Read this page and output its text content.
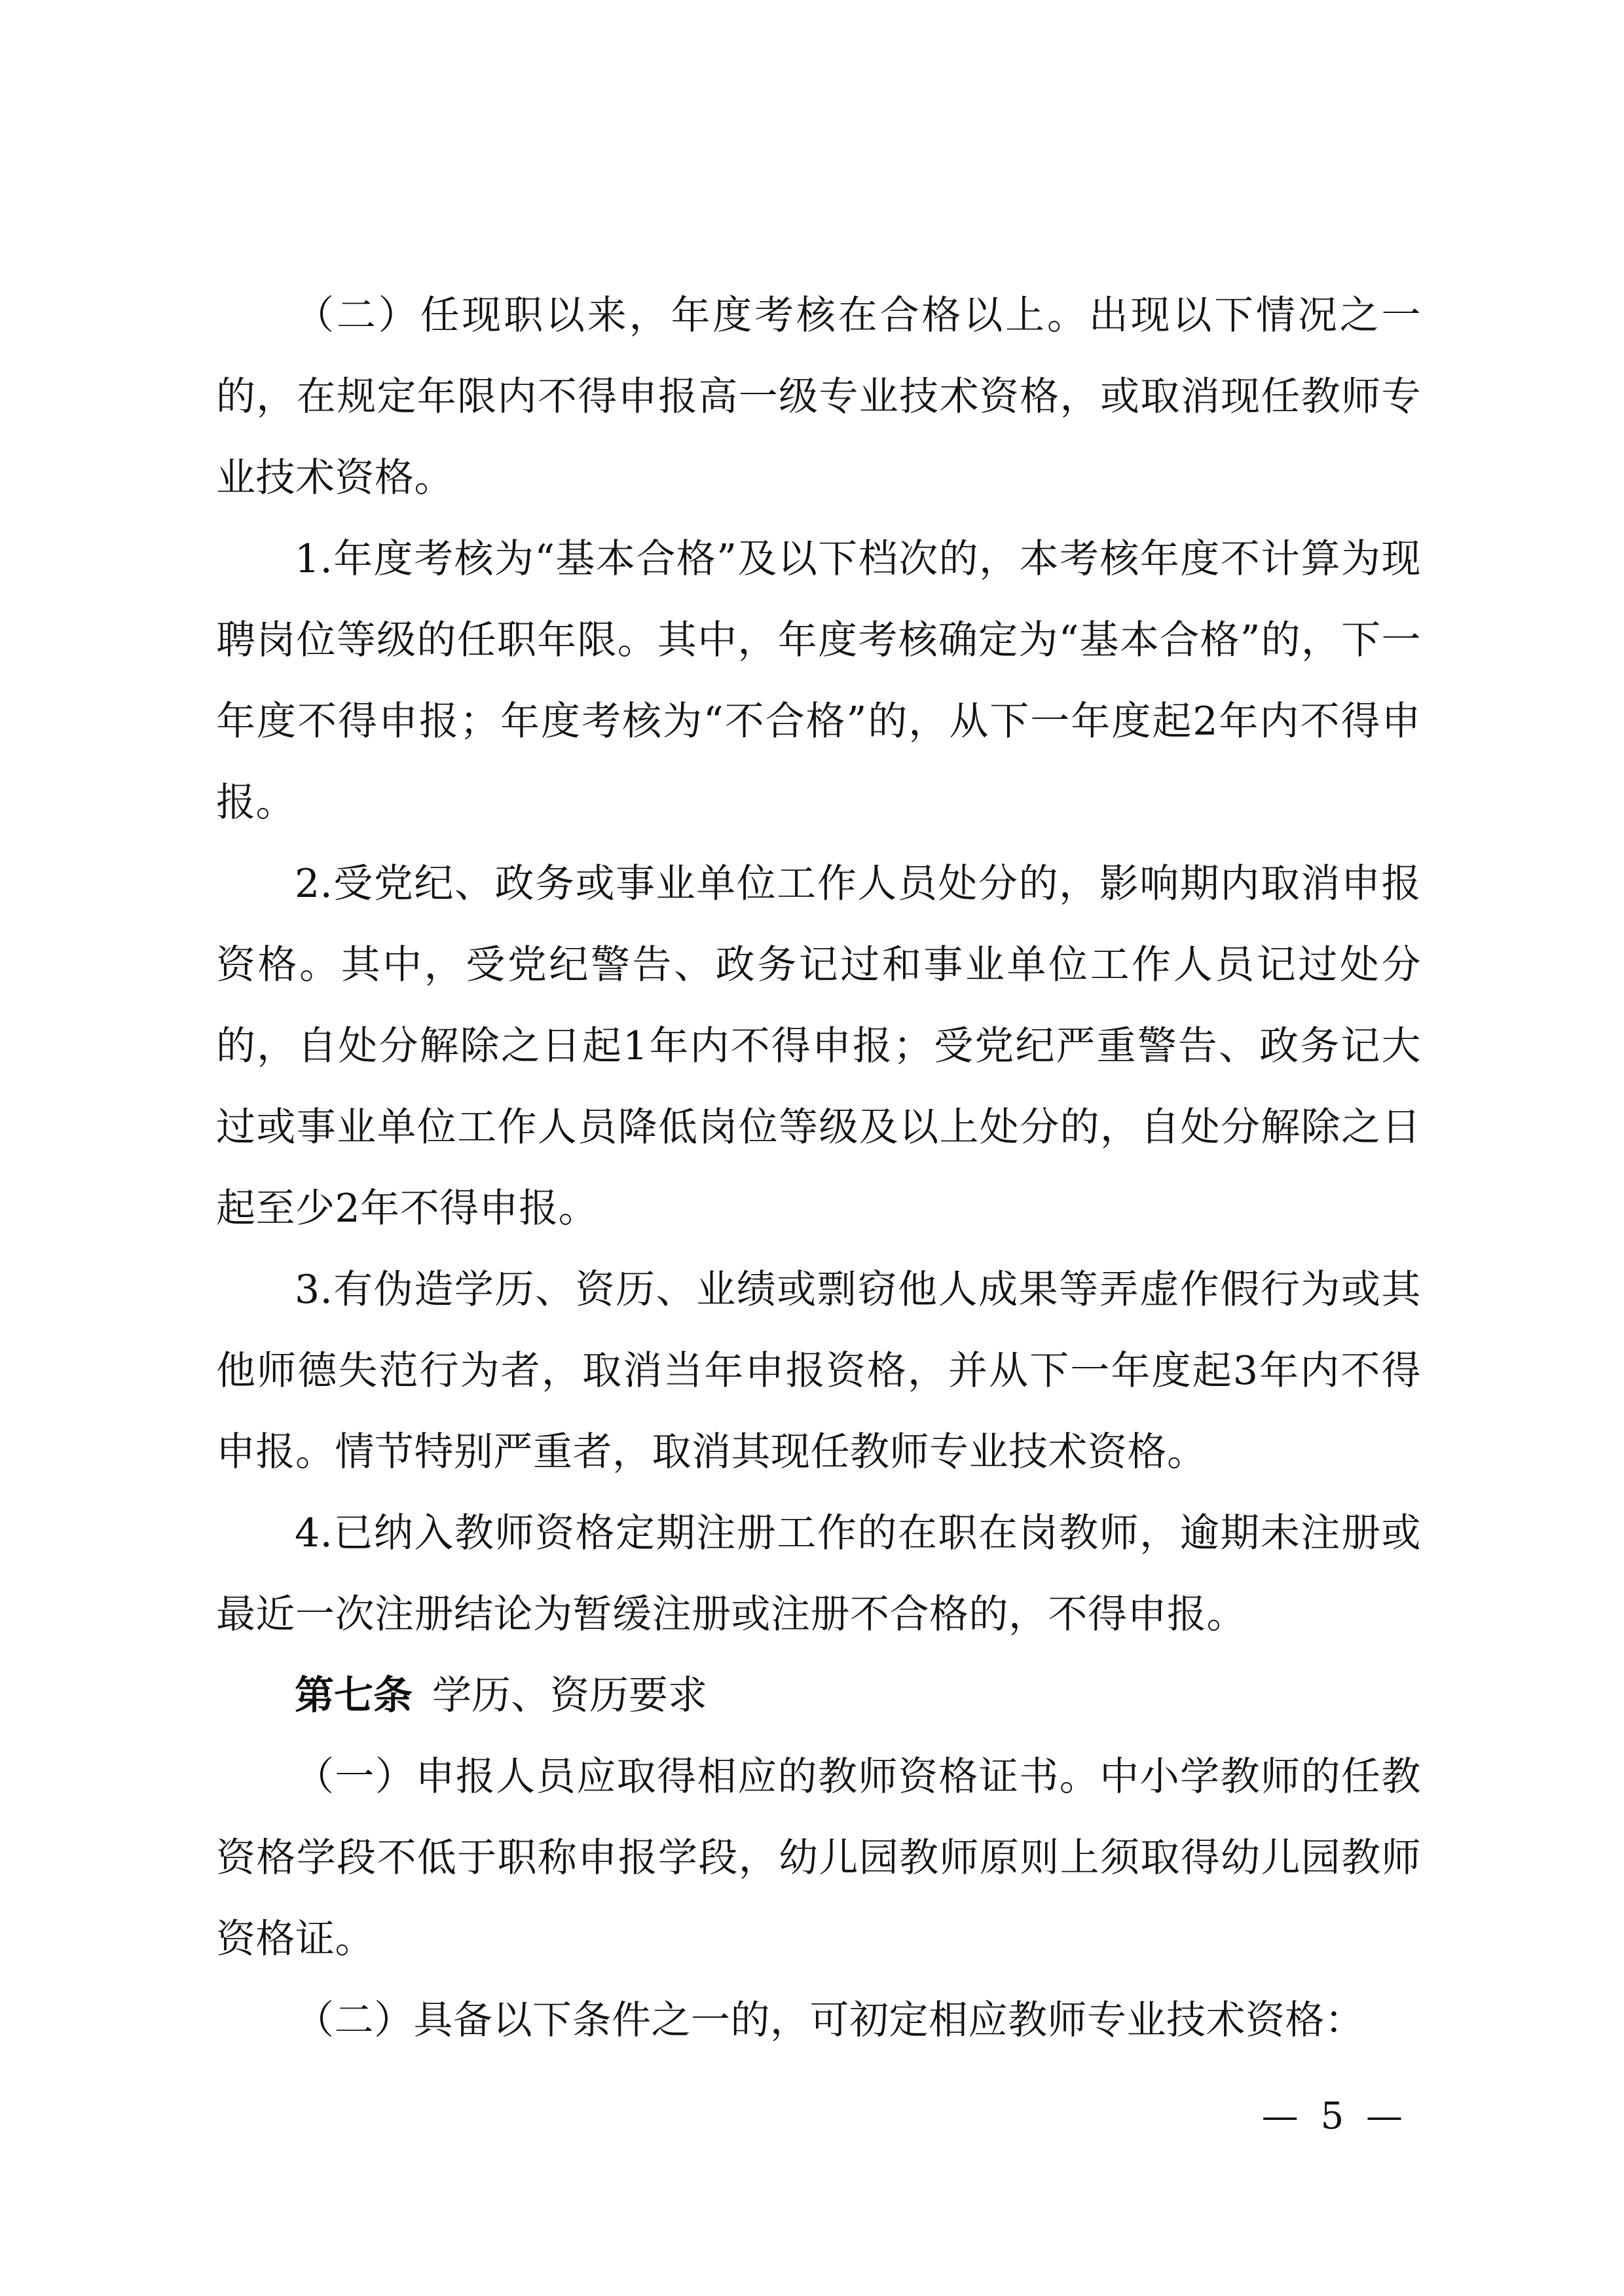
（二）任现职以来，年度考核在合格以上。出现以下情况之一的，在规定年限内不得申报高一级专业技术资格，或取消现任教师专业技术资格。

1.年度考核为“基本合格”及以下档次的，本考核年度不计算为现聘岗位等级的任职年限。其中，年度考核确定为“基本合格”的，下一年度不得申报；年度考核为“不合格”的，从下一年度起2年内不得申报。

2.受党纪、政务或事业单位工作人员处分的，影响期内取消申报资格。其中，受党纪警告、政务记过和事业单位工作人员记过处分的，自处分解除之日起1年内不得申报；受党纪严重警告、政务记大过或事业单位工作人员降低岗位等级及以上处分的，自处分解除之日起至少2年不得申报。

3.有伪造学历、资历、业绩或剽窃他人成果等弄虚作假行为或其他师德失范行为者，取消当年申报资格，并从下一年度起3年内不得申报。情节特别严重者，取消其现任教师专业技术资格。

4.已纳入教师资格定期注册工作的在职在岗教师，逾期未注册或最近一次注册结论为暂缓注册或注册不合格的，不得申报。

第七条  学历、资历要求

（一）申报人员应取得相应的教师资格证书。中小学教师的任教资格学段不低于职称申报学段，幼儿园教师原则上须取得幼儿园教师资格证。

（二）具备以下条件之一的，可初定相应教师专业技术资格：

— 5 —
